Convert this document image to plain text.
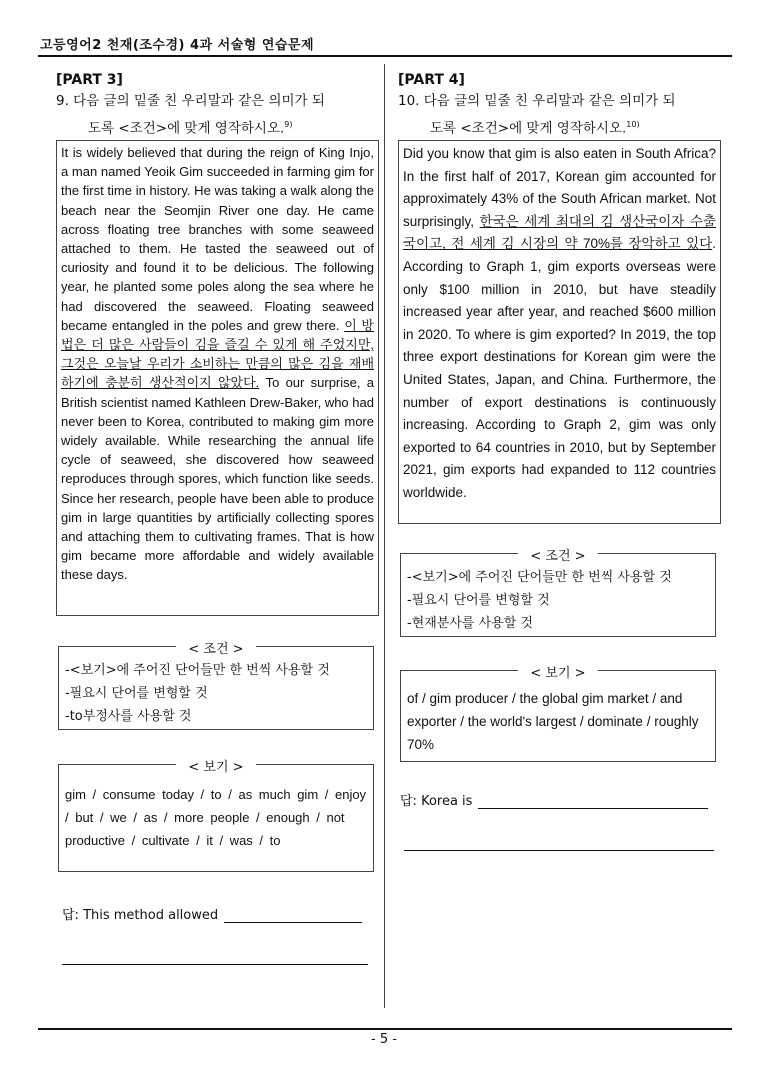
고등영어2 천재(조수경) 4과 서술형 연습문제
[PART 3]
9. 다음 글의 밑줄 친 우리말과 같은 의미가 되
도록 <조건>에 맞게 영작하시오.$^{9)}$
It is widely believed that during the reign of King Injo, a man named Yeoik Gim succeeded in farming gim for the first time in history. He was taking a walk along the beach near the Seomjin River one day. He came across floating tree branches with some seaweed attached to them. He tasted the seaweed out of curiosity and found it to be delicious. The following year, he planted some poles along the sea where he had discovered the seaweed. Floating seaweed became entangled in the poles and grew there. 이 방법은 더 많은 사람들이 김을 즐길 수 있게 해 주었지만, 그것은 오늘날 우리가 소비하는 만큼의 많은 김을 재배하기에 충분히 생산적이지 않았다. To our surprise, a British scientist named Kathleen Drew-Baker, who had never been to Korea, contributed to making gim more widely available. While researching the annual life cycle of seaweed, she discovered how seaweed reproduces through spores, which function like seeds. Since her research, people have been able to produce gim in large quantities by artificially collecting spores and attaching them to cultivating frames. That is how gim became more affordable and widely available these days.
< 조건 >
-<보기>에 주어진 단어들만 한 번씩 사용할 것
-필요시 단어를 변형할 것
-to부정사를 사용할 것
< 보기 >
gim / consume today / to / as much gim / enjoy / but / we / as / more people / enough / not productive / cultivate / it / was / to
답: This method allowed
[PART 4]
10. 다음 글의 밑줄 친 우리말과 같은 의미가 되
도록 <조건>에 맞게 영작하시오.$^{10)}$
Did you know that gim is also eaten in South Africa? In the first half of 2017, Korean gim accounted for approximately 43% of the South African market. Not surprisingly, 한국은 세계 최대의 김 생산국이자 수출국이고, 전 세계 김 시장의 약 70%를 장악하고 있다. According to Graph 1, gim exports overseas were only $100 million in 2010, but have steadily increased year after year, and reached $600 million in 2020. To where is gim exported? In 2019, the top three export destinations for Korean gim were the United States, Japan, and China. Furthermore, the number of export destinations is continuously increasing. According to Graph 2, gim was only exported to 64 countries in 2010, but by September 2021, gim exports had expanded to 112 countries worldwide.
< 조건 >
-<보기>에 주어진 단어들만 한 번씩 사용할 것
-필요시 단어를 변형할 것
-현재분사를 사용할 것
< 보기 >
of / gim producer / the global gim market / and exporter / the world's largest / dominate / roughly 70%
답: Korea is
- 5 -
